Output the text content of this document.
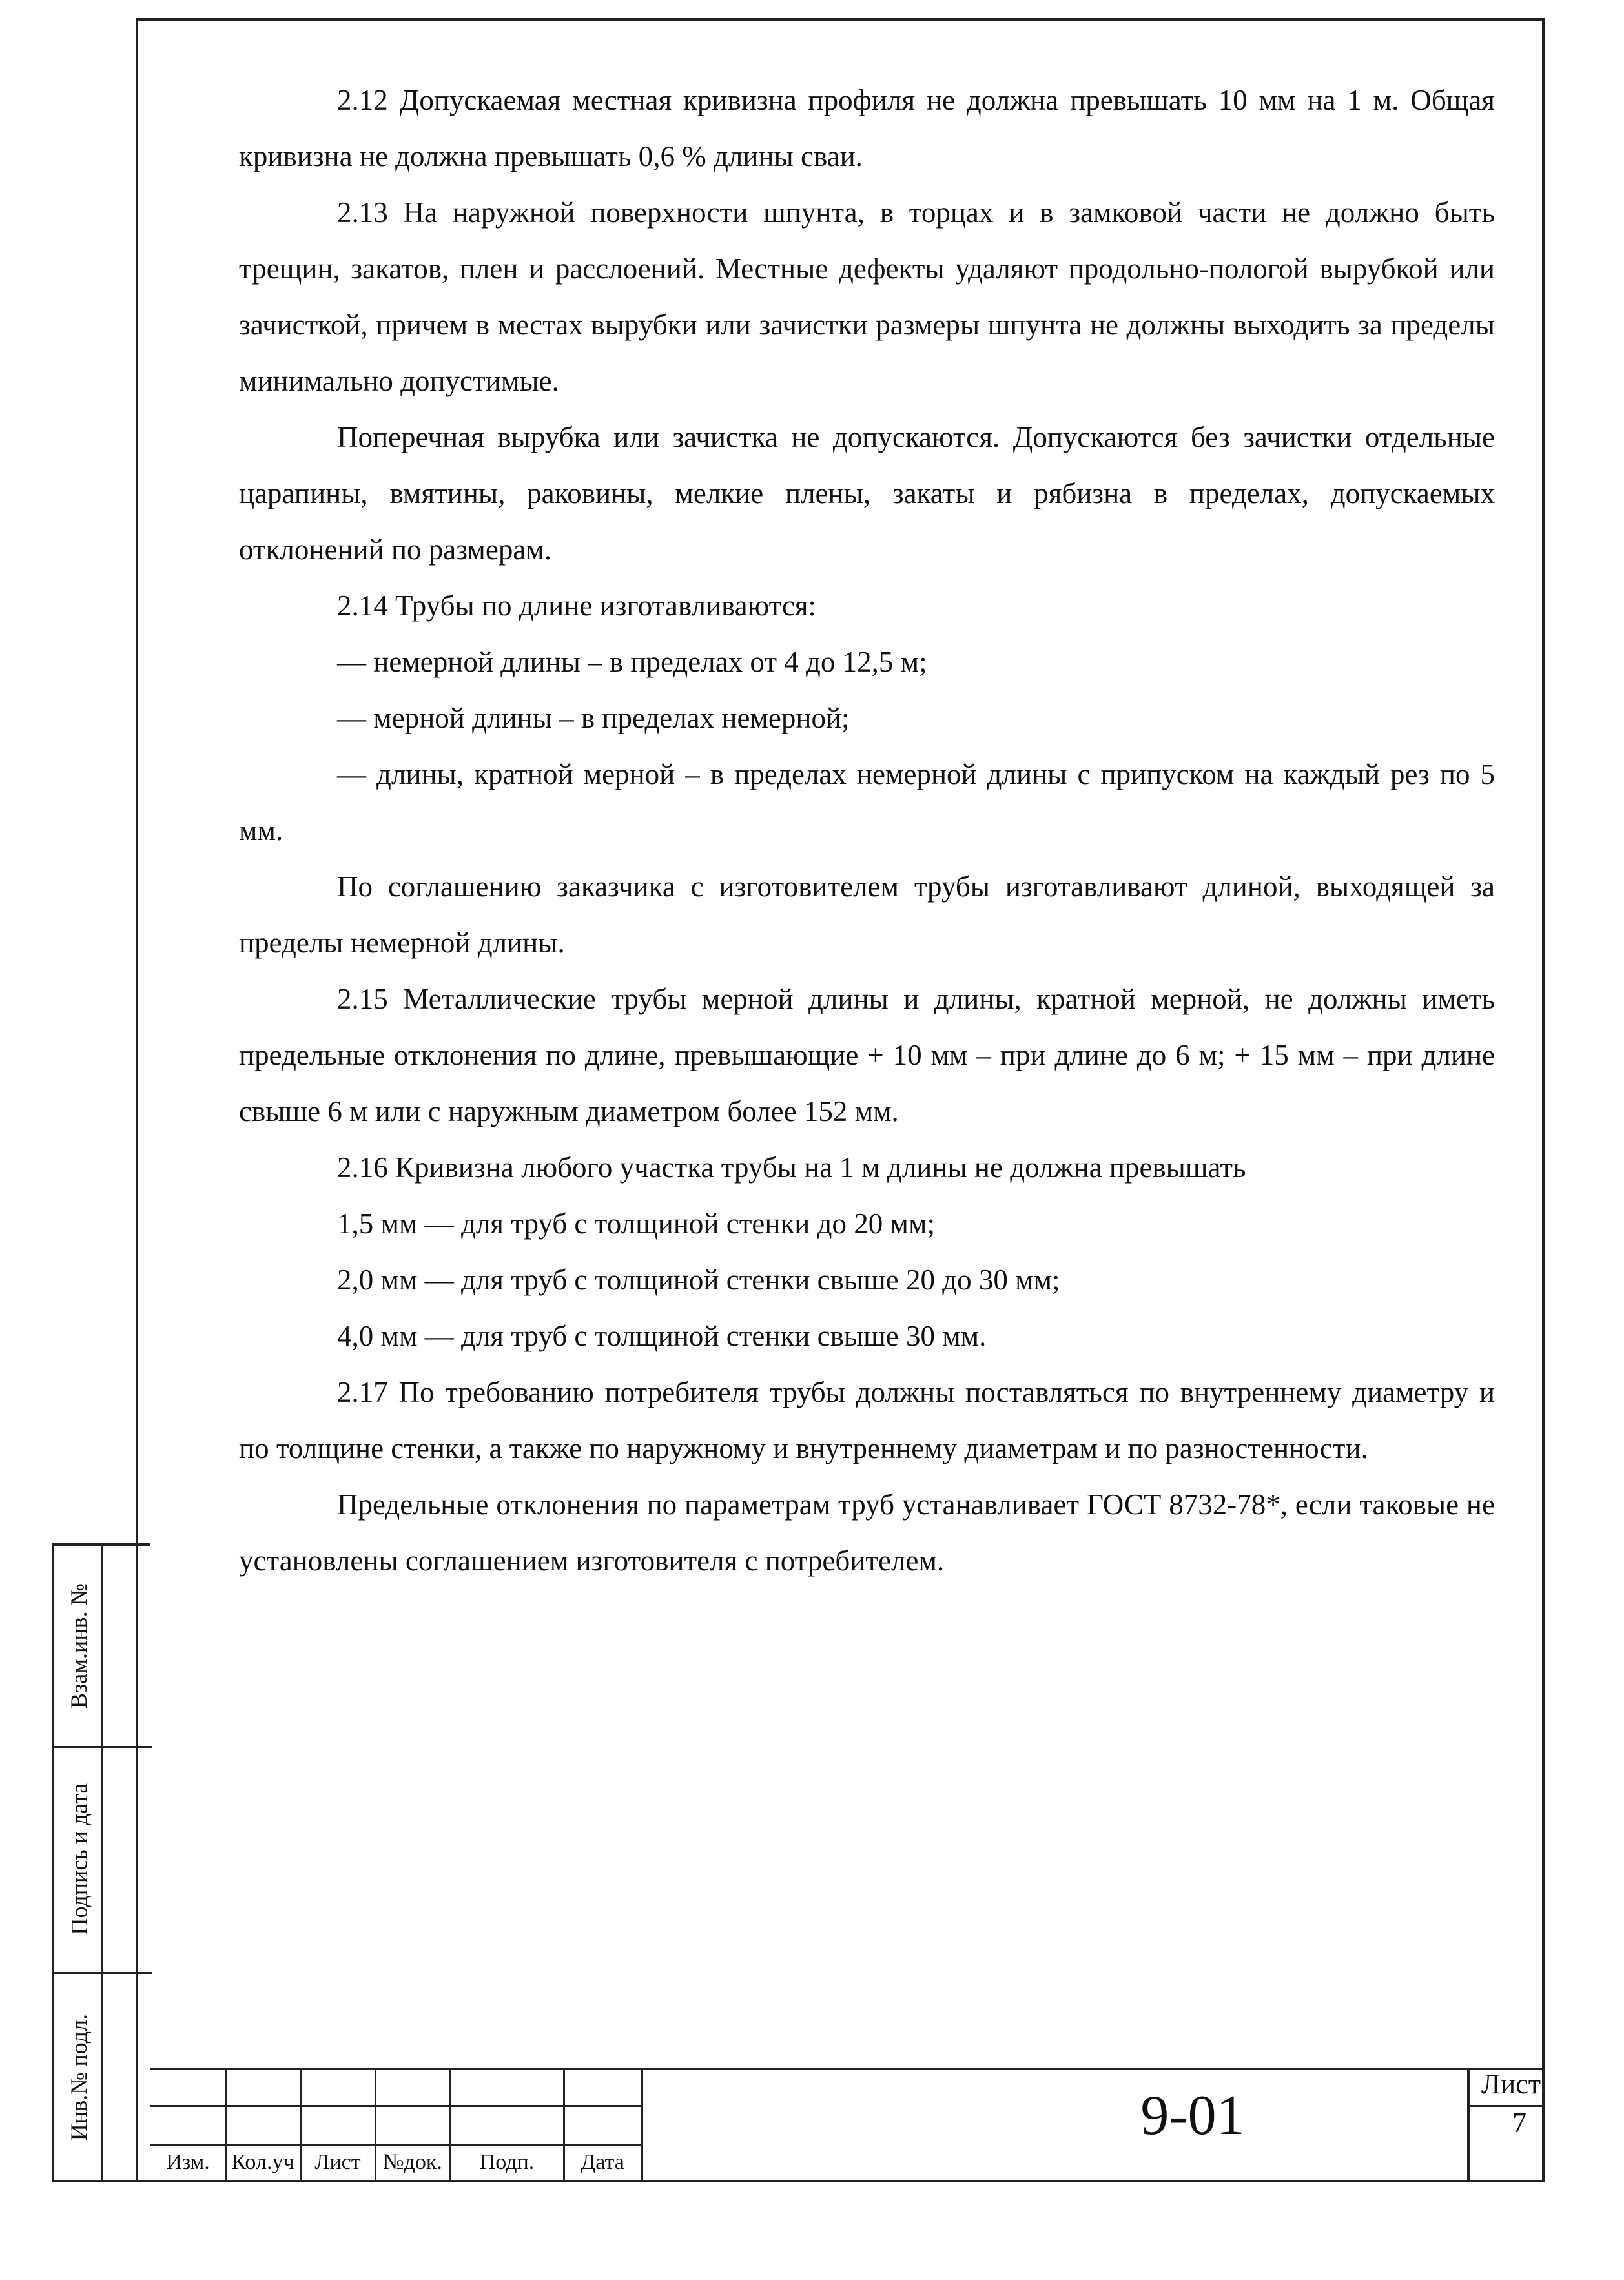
Взам.инв. №
Подпись и дата
Инв.№ подл.

2.12 Допускаемая местная кривизна профиля не должна превышать 10 мм на 1 м. Общая кривизна не должна превышать 0,6 % длины сваи.

2.13 На наружной поверхности шпунта, в торцах и в замковой части не должно быть трещин, закатов, плен и расслоений. Местные дефекты удаляют продольно-пологой вырубкой или зачисткой, причем в местах вырубки или зачистки размеры шпунта не должны выходить за пределы минимально допустимые.

Поперечная вырубка или зачистка не допускаются. Допускаются без зачистки отдельные царапины, вмятины, раковины, мелкие плены, закаты и рябизна в пределах, допускаемых отклонений по размерам.

2.14 Трубы по длине изготавливаются:

— немерной длины – в пределах от 4 до 12,5 м;

— мерной длины – в пределах немерной;

— длины, кратной мерной – в пределах немерной длины с припуском на каждый рез по 5 мм.

По соглашению заказчика с изготовителем трубы изготавливают длиной, выходящей за пределы немерной длины.

2.15 Металлические трубы мерной длины и длины, кратной мерной, не должны иметь предельные отклонения по длине, превышающие + 10 мм – при длине до 6 м; + 15 мм – при длине свыше 6 м или с наружным диаметром более 152 мм.

2.16 Кривизна любого участка трубы на 1 м длины не должна превышать

1,5 мм — для труб с толщиной стенки до 20 мм;

2,0 мм — для труб с толщиной стенки свыше 20 до 30 мм;

4,0 мм — для труб с толщиной стенки свыше 30 мм.

2.17 По требованию потребителя трубы должны поставляться по внутреннему диаметру и по толщине стенки, а также по наружному и внутреннему диаметрам и по разностенности.

Предельные отклонения по параметрам труб устанавливает ГОСТ 8732-78*, если таковые не установлены соглашением изготовителя с потребителем.

Изм. Кол.уч Лист	№док.	Подп.	Дата
9-01
Лист
7
